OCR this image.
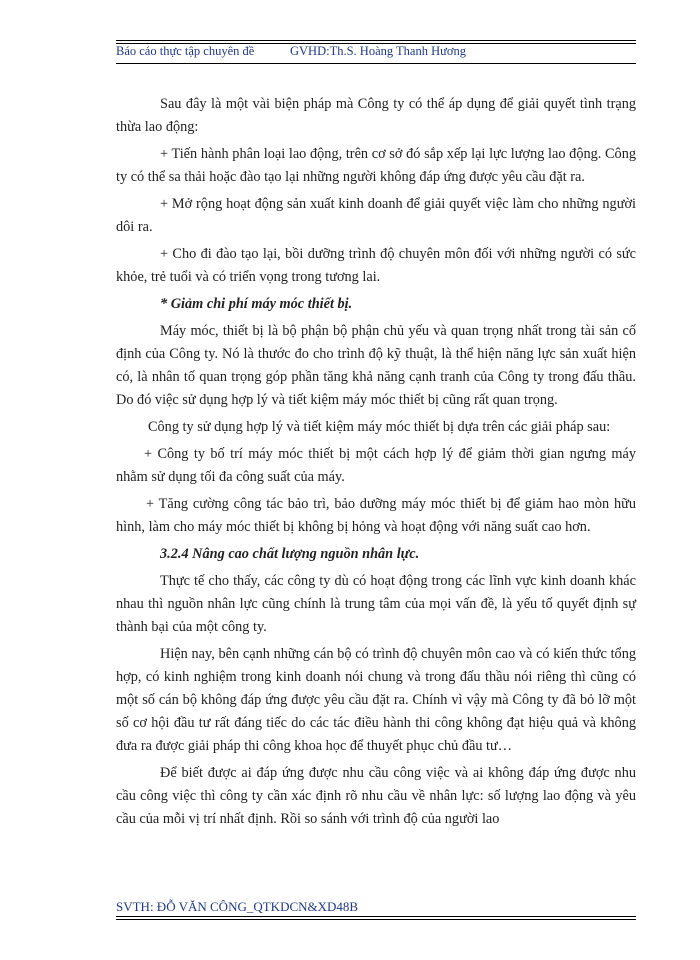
Báo cáo thực tập chuyên đề	GVHD:Th.S. Hoàng Thanh Hương

Sau đây là một vài biện pháp mà Công ty có thể áp dụng để giải quyết tình trạng thừa lao động:

+ Tiến hành phân loại lao động, trên cơ sở đó sắp xếp lại lực lượng lao động. Công ty có thể sa thải hoặc đào tạo lại những người không đáp ứng được yêu cầu đặt ra.

+ Mở rộng hoạt động sản xuất kinh doanh để giải quyết việc làm cho những người dôi ra.

+ Cho đi đào tạo lại, bồi dưỡng trình độ chuyên môn đối với những người có sức khỏe, trẻ tuổi và có triển vọng trong tương lai.

* Giảm chi phí máy móc thiết bị.

Máy móc, thiết bị là bộ phận bộ phận chủ yếu và quan trọng nhất trong tài sản cố định của Công ty. Nó là thước đo cho trình độ kỹ thuật, là thể hiện năng lực sản xuất hiện có, là nhân tố quan trọng góp phần tăng khả năng cạnh tranh của Công ty trong đấu thầu. Do đó việc sử dụng hợp lý và tiết kiệm máy móc thiết bị cũng rất quan trọng.

Công ty sử dụng hợp lý và tiết kiệm máy móc thiết bị dựa trên các giải pháp sau:

+ Công ty bố trí máy móc thiết bị một cách hợp lý để giảm thời gian ngưng máy nhằm sử dụng tối đa công suất của máy.

+ Tăng cường công tác bảo trì, bảo dưỡng máy móc thiết bị để giảm hao mòn hữu hình, làm cho máy móc thiết bị không bị hỏng và hoạt động với năng suất cao hơn.

3.2.4 Nâng cao chất lượng nguồn nhân lực.

Thực tế cho thấy, các công ty dù có hoạt động trong các lĩnh vực kinh doanh khác nhau thì nguồn nhân lực cũng chính là trung tâm của mọi vấn đề, là yếu tố quyết định sự thành bại của một công ty.

Hiện nay, bên cạnh những cán bộ có trình độ chuyên môn cao và có kiến thức tổng hợp, có kinh nghiệm trong kinh doanh nói chung và trong đấu thầu nói riêng thì cũng có một số cán bộ không đáp ứng được yêu cầu đặt ra. Chính vì vậy mà Công ty đã bỏ lỡ một số cơ hội đầu tư rất đáng tiếc do các tác điều hành thi công không đạt hiệu quả và không đưa ra được giải pháp thi công khoa học để thuyết phục chủ đầu tư…

Để biết được ai đáp ứng được nhu cầu công việc và ai không đáp ứng được nhu cầu công việc thì công ty cần xác định rõ nhu cầu về nhân lực: số lượng lao động và yêu cầu của mỗi vị trí nhất định. Rồi so sánh với trình độ của người lao

SVTH: ĐỖ VĂN CÔNG_QTKDCN&XD48B
